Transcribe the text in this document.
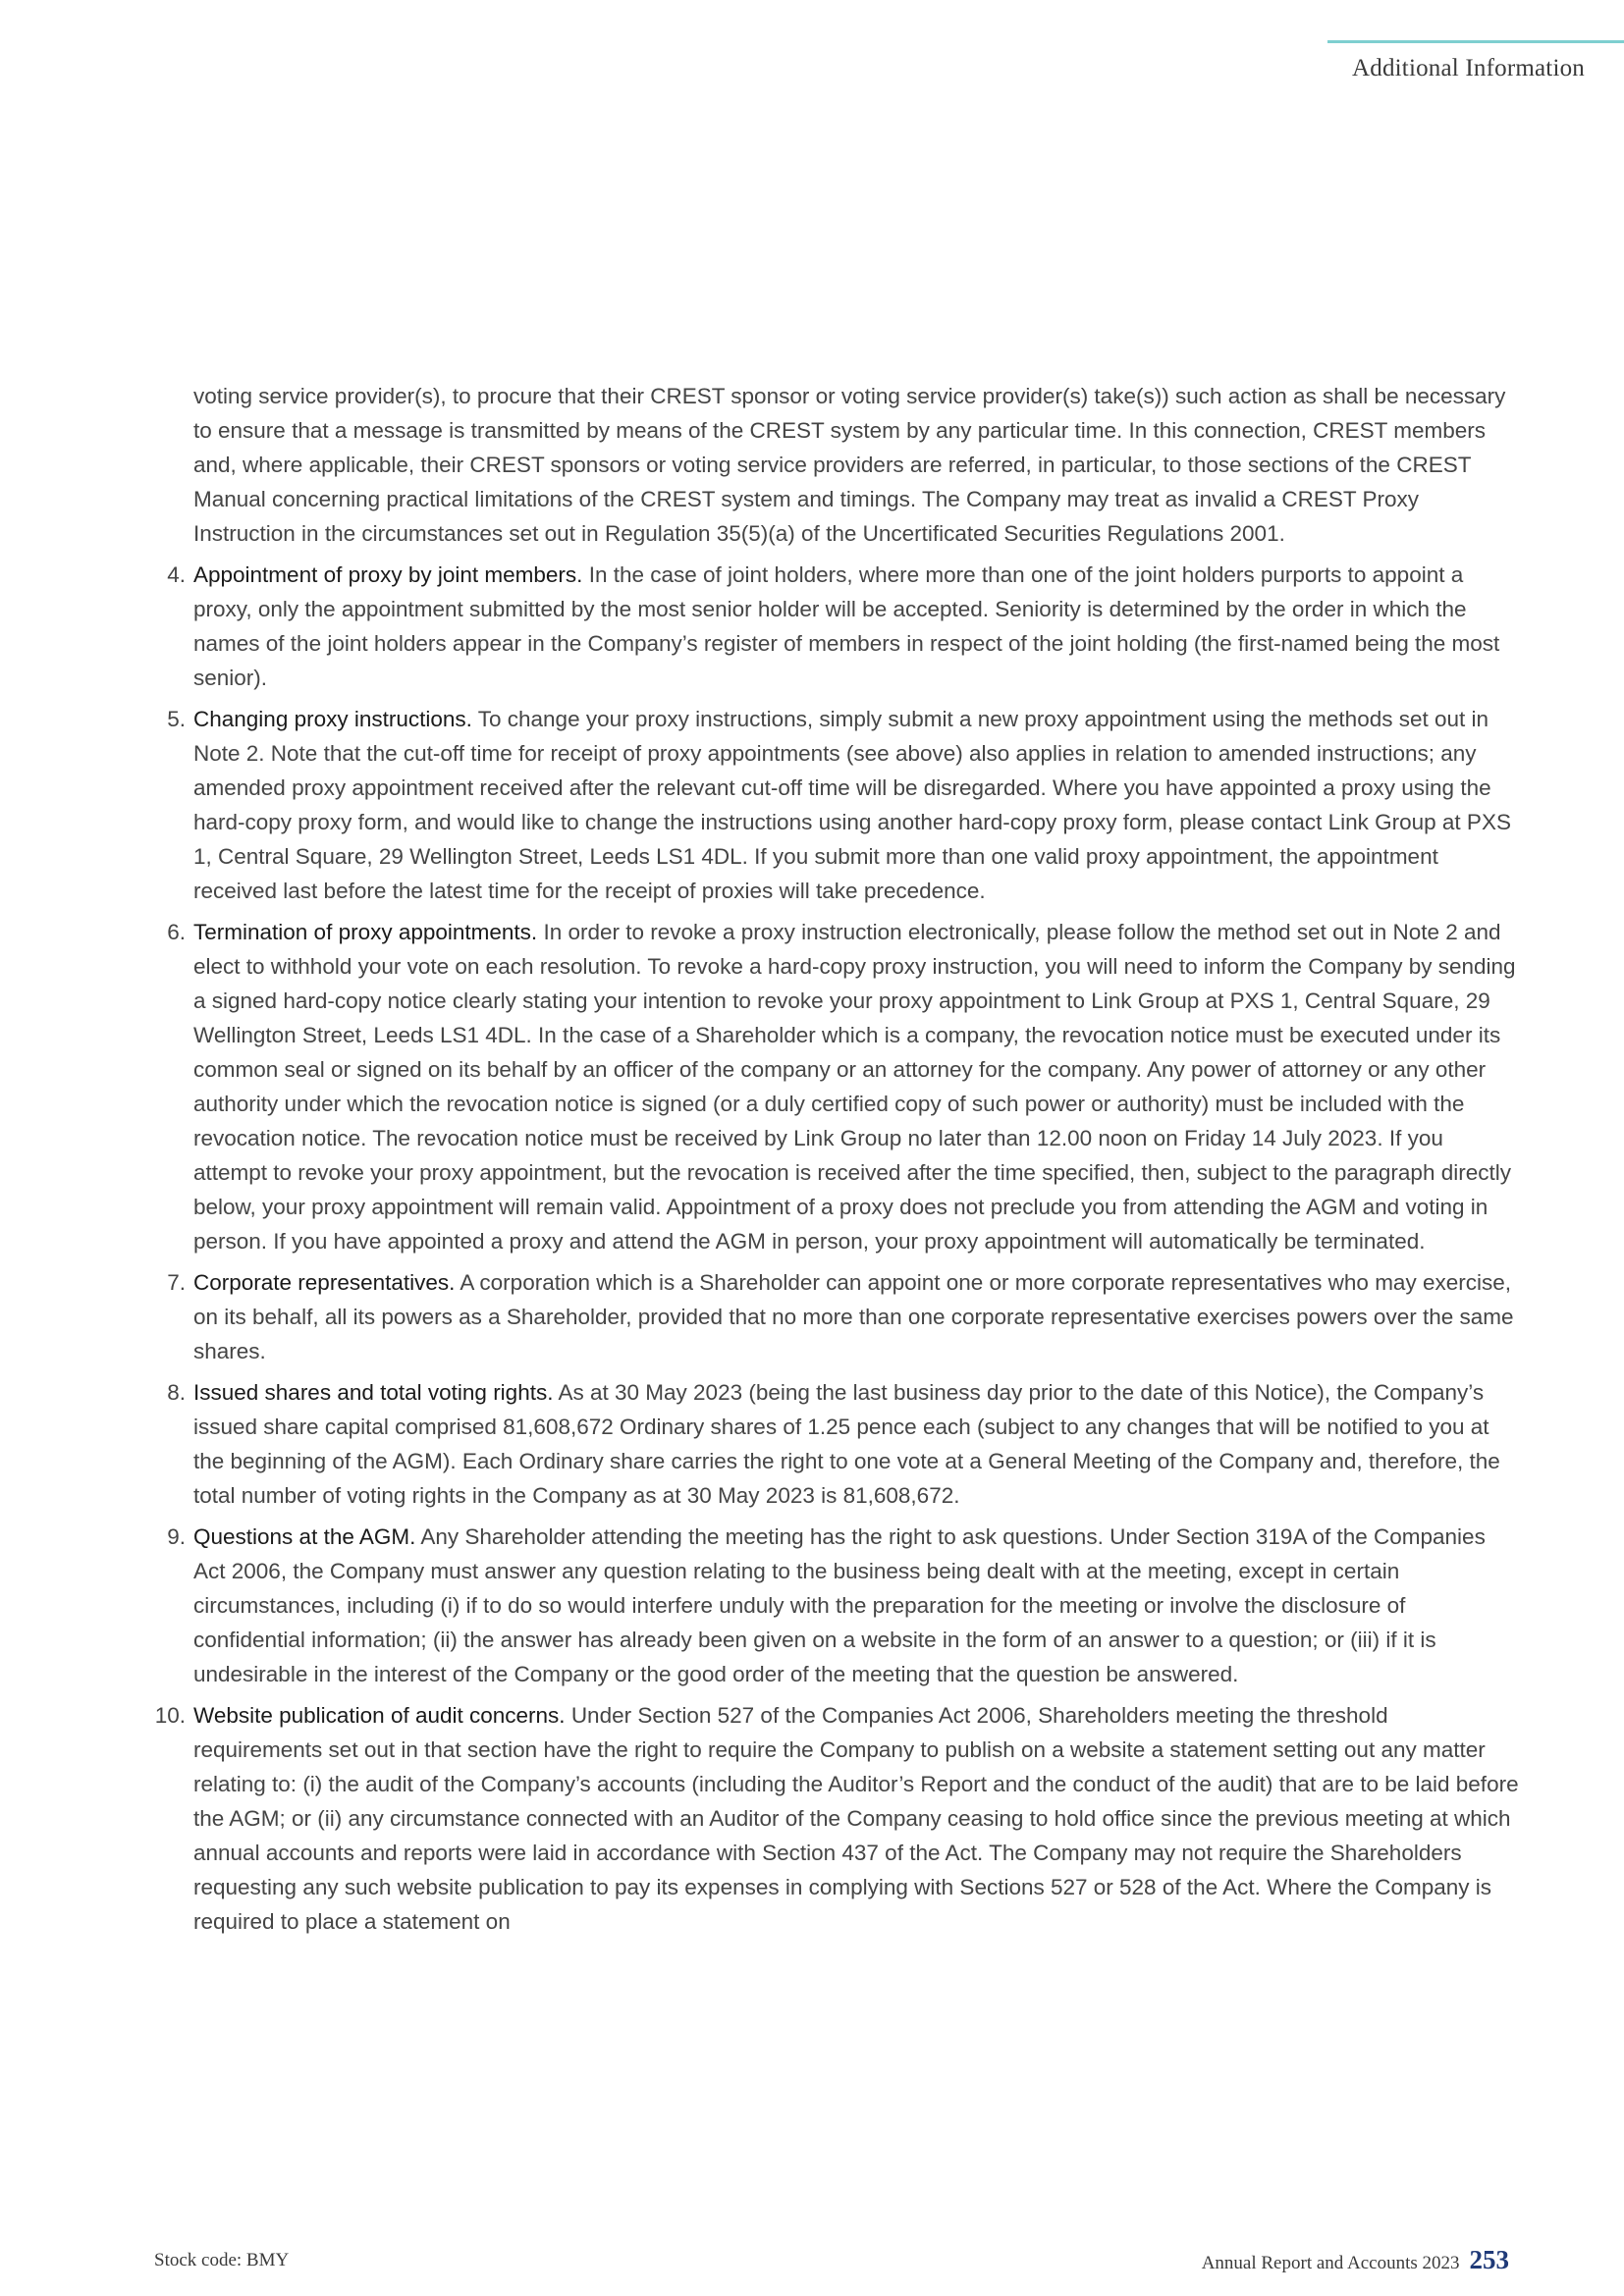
Additional Information

voting service provider(s), to procure that their CREST sponsor or voting service provider(s) take(s)) such action as shall be necessary to ensure that a message is transmitted by means of the CREST system by any particular time. In this connection, CREST members and, where applicable, their CREST sponsors or voting service providers are referred, in particular, to those sections of the CREST Manual concerning practical limitations of the CREST system and timings. The Company may treat as invalid a CREST Proxy Instruction in the circumstances set out in Regulation 35(5)(a) of the Uncertificated Securities Regulations 2001.

4. Appointment of proxy by joint members. In the case of joint holders, where more than one of the joint holders purports to appoint a proxy, only the appointment submitted by the most senior holder will be accepted. Seniority is determined by the order in which the names of the joint holders appear in the Company’s register of members in respect of the joint holding (the first-named being the most senior).
5. Changing proxy instructions. To change your proxy instructions, simply submit a new proxy appointment using the methods set out in Note 2. Note that the cut-off time for receipt of proxy appointments (see above) also applies in relation to amended instructions; any amended proxy appointment received after the relevant cut-off time will be disregarded. Where you have appointed a proxy using the hard-copy proxy form, and would like to change the instructions using another hard-copy proxy form, please contact Link Group at PXS 1, Central Square, 29 Wellington Street, Leeds LS1 4DL. If you submit more than one valid proxy appointment, the appointment received last before the latest time for the receipt of proxies will take precedence.
6. Termination of proxy appointments. In order to revoke a proxy instruction electronically, please follow the method set out in Note 2 and elect to withhold your vote on each resolution. To revoke a hard-copy proxy instruction, you will need to inform the Company by sending a signed hard-copy notice clearly stating your intention to revoke your proxy appointment to Link Group at PXS 1, Central Square, 29 Wellington Street, Leeds LS1 4DL. In the case of a Shareholder which is a company, the revocation notice must be executed under its common seal or signed on its behalf by an officer of the company or an attorney for the company. Any power of attorney or any other authority under which the revocation notice is signed (or a duly certified copy of such power or authority) must be included with the revocation notice. The revocation notice must be received by Link Group no later than 12.00 noon on Friday 14 July 2023. If you attempt to revoke your proxy appointment, but the revocation is received after the time specified, then, subject to the paragraph directly below, your proxy appointment will remain valid. Appointment of a proxy does not preclude you from attending the AGM and voting in person. If you have appointed a proxy and attend the AGM in person, your proxy appointment will automatically be terminated.
7. Corporate representatives. A corporation which is a Shareholder can appoint one or more corporate representatives who may exercise, on its behalf, all its powers as a Shareholder, provided that no more than one corporate representative exercises powers over the same shares.
8. Issued shares and total voting rights. As at 30 May 2023 (being the last business day prior to the date of this Notice), the Company’s issued share capital comprised 81,608,672 Ordinary shares of 1.25 pence each (subject to any changes that will be notified to you at the beginning of the AGM). Each Ordinary share carries the right to one vote at a General Meeting of the Company and, therefore, the total number of voting rights in the Company as at 30 May 2023 is 81,608,672.
9. Questions at the AGM. Any Shareholder attending the meeting has the right to ask questions. Under Section 319A of the Companies Act 2006, the Company must answer any question relating to the business being dealt with at the meeting, except in certain circumstances, including (i) if to do so would interfere unduly with the preparation for the meeting or involve the disclosure of confidential information; (ii) the answer has already been given on a website in the form of an answer to a question; or (iii) if it is undesirable in the interest of the Company or the good order of the meeting that the question be answered.
10. Website publication of audit concerns. Under Section 527 of the Companies Act 2006, Shareholders meeting the threshold requirements set out in that section have the right to require the Company to publish on a website a statement setting out any matter relating to: (i) the audit of the Company’s accounts (including the Auditor’s Report and the conduct of the audit) that are to be laid before the AGM; or (ii) any circumstance connected with an Auditor of the Company ceasing to hold office since the previous meeting at which annual accounts and reports were laid in accordance with Section 437 of the Act. The Company may not require the Shareholders requesting any such website publication to pay its expenses in complying with Sections 527 or 528 of the Act. Where the Company is required to place a statement on
Stock code: BMY	Annual Report and Accounts 2023 253
